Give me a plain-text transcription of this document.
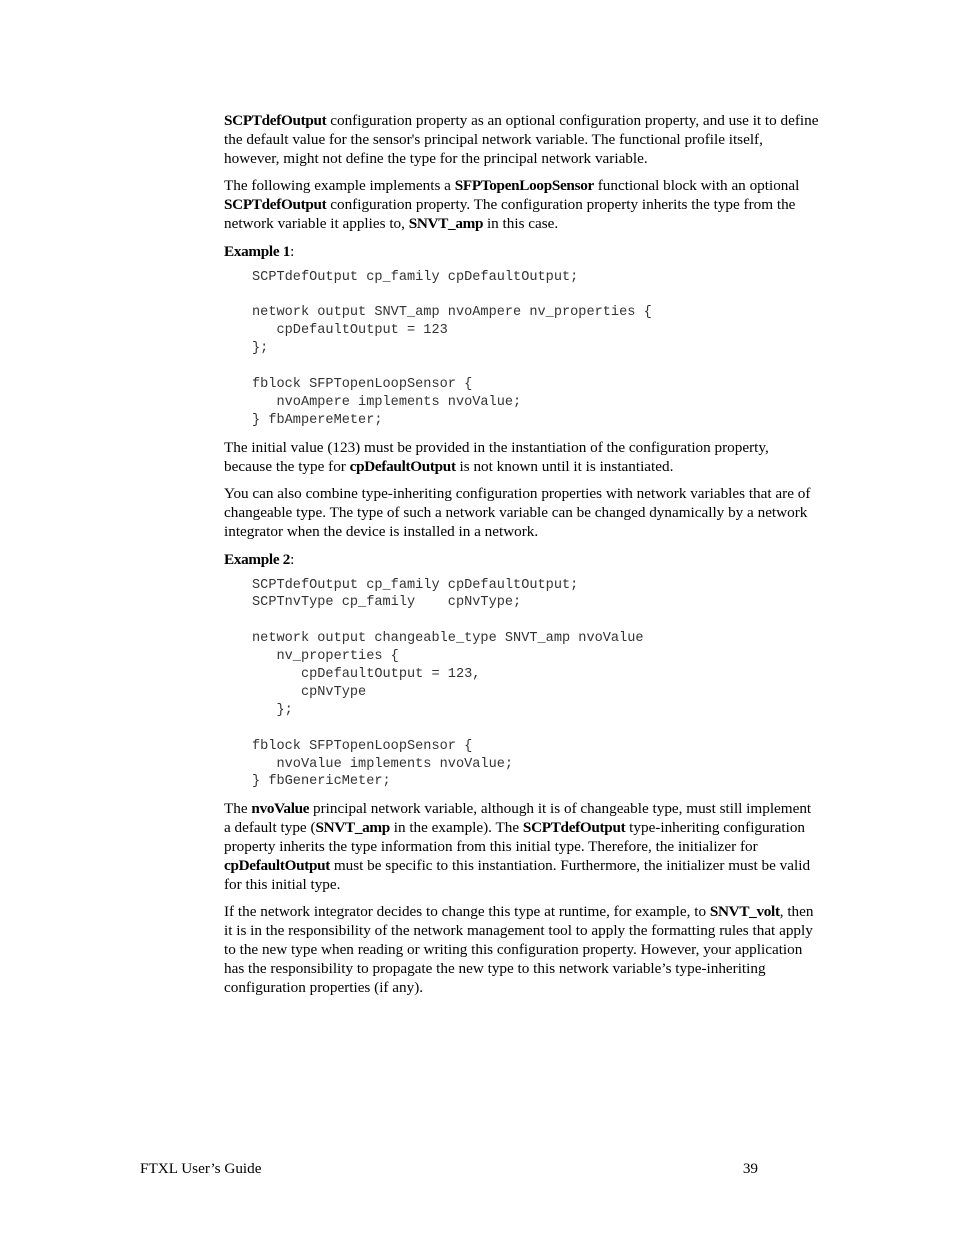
SCPTdefOutput configuration property as an optional configuration property, and use it to define the default value for the sensor's principal network variable. The functional profile itself, however, might not define the type for the principal network variable.

The following example implements a SFPTopenLoopSensor functional block with an optional SCPTdefOutput configuration property. The configuration property inherits the type from the network variable it applies to, SNVT_amp in this case.

Example 1:

SCPTdefOutput cp_family cpDefaultOutput;

network output SNVT_amp nvoAmpere nv_properties {
cpDefaultOutput = 123
};

fblock SFPTopenLoopSensor {
nvoAmpere implements nvoValue;
} fbAmpereMeter;

The initial value (123) must be provided in the instantiation of the configuration property, because the type for cpDefaultOutput is not known until it is instantiated.

You can also combine type-inheriting configuration properties with network variables that are of changeable type. The type of such a network variable can be changed dynamically by a network integrator when the device is installed in a network.

Example 2:

SCPTdefOutput cp_family cpDefaultOutput;
SCPTnvType cp_family    cpNvType;

network output changeable_type SNVT_amp nvoValue
nv_properties {
cpDefaultOutput = 123,
cpNvType
};

fblock SFPTopenLoopSensor {
nvoValue implements nvoValue;
} fbGenericMeter;

The nvoValue principal network variable, although it is of changeable type, must still implement a default type (SNVT_amp in the example). The SCPTdefOutput type-inheriting configuration property inherits the type information from this initial type. Therefore, the initializer for cpDefaultOutput must be specific to this instantiation. Furthermore, the initializer must be valid for this initial type.

If the network integrator decides to change this type at runtime, for example, to SNVT_volt, then it is in the responsibility of the network management tool to apply the formatting rules that apply to the new type when reading or writing this configuration property. However, your application has the responsibility to propagate the new type to this network variable’s type-inheriting configuration properties (if any).

FTXL User’s Guide	39
